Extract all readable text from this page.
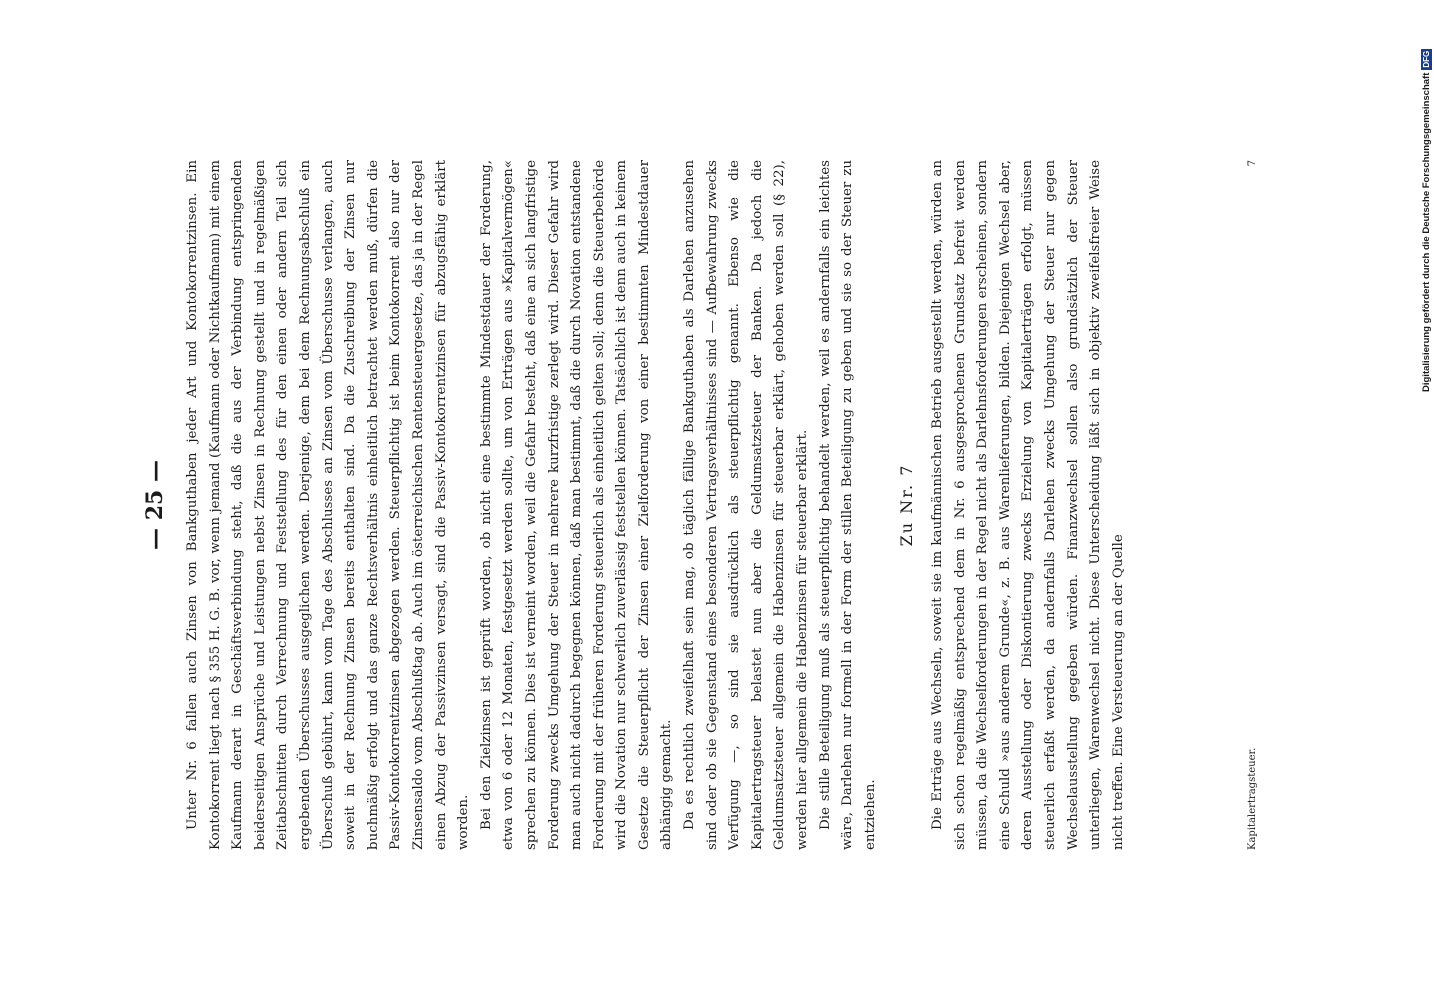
— 25 —	Unter Nr. 6 fallen auch Zinsen von Bankguthaben jeder Art und Kontokorrentzinsen. Ein Kontokorrent liegt nach § 355 H. G. B. vor, wenn jemand (Kaufmann oder Nichtkaufmann) mit einem Kaufmann derart in Geschäftsverbindung steht, daß die aus der Verbindung entspringenden beiderseitigen Ansprüche und Leistungen nebst Zinsen in Rechnung gestellt und in regelmäßigen Zeitabschnitten durch Verrechnung und Feststellung des für den einen oder andern Teil sich ergebenden Überschusses ausgeglichen werden. Derjenige, dem bei dem Rechnungsabschluß ein Überschuß gebührt, kann vom Tage des Abschlusses an Zinsen vom Überschusse verlangen, auch soweit in der Rechnung Zinsen bereits enthalten sind. Da die Zuschreibung der Zinsen nur buchmäßig erfolgt und das ganze Rechtsverhältnis einheitlich betrachtet werden muß, dürfen die Passiv-Kontokorrentzinsen abgezogen werden. Steuerpflichtig ist beim Kontokorrent also nur der Zinsensaldo vom Abschlußtag ab. Auch im österreichischen Rentensteuergesetze, das ja in der Regel einen Abzug der Passivzinsen versagt, sind die Passiv-Kontokorrentzinsen für abzugsfähig erklärt worden. Bei den Zielzinsen ist geprüft worden, ob nicht eine bestimmte Mindestdauer der Forderung, etwa von 6 oder 12 Monaten, festgesetzt werden sollte, um von Erträgen aus »Kapitalvermögen« sprechen zu können. Dies ist verneint worden, weil die Gefahr besteht, daß eine an sich langfristige Forderung zwecks Umgehung der Steuer in mehrere kurzfristige zerlegt wird. Dieser Gefahr wird man auch nicht dadurch begegnen können, daß man bestimmt, daß die durch Novation entstandene Forderung mit der früheren Forderung steuerlich als einheitlich gelten soll; denn die Steuerbehörde wird die Novation nur schwerlich zuverlässig feststellen können. Tatsächlich ist denn auch in keinem Gesetze die Steuerpflicht der Zinsen einer Zielforderung von einer bestimmten Mindestdauer abhängig gemacht. Da es rechtlich zweifelhaft sein mag, ob täglich fällige Bankguthaben als Darlehen anzusehen sind oder ob sie Gegenstand eines besonderen Vertragsverhältnisses sind — Aufbewahrung zwecks Verfügung —, so sind sie ausdrücklich als steuerpflichtig genannt. Ebenso wie die Kapitalertragsteuer belastet nun aber die Geldumsatzsteuer der Banken. Da jedoch die Geldumsatzsteuer allgemein die Habenzinsen für steuerbar erklärt, gehoben werden soll (§ 22), werden hier allgemein die Habenzinsen für steuerbar erklärt. Die stille Beteiligung muß als steuerpflichtig behandelt werden, weil es andernfalls ein leichtes wäre, Darlehen nur formell in der Form der stillen Beteiligung zu geben und sie so der Steuer zu entziehen.

Zu Nr. 7 Die Erträge aus Wechseln, soweit sie im kaufmännischen Betrieb ausgestellt werden, würden an sich schon regelmäßig entsprechend dem in Nr. 6 ausgesprochenen Grundsatz befreit werden müssen, da die Wechselforderungen in der Regel nicht als Darlehnsforderungen erscheinen, sondern eine Schuld »aus anderem Grunde«, z. B. aus Warenlieferungen, bilden. Diejenigen Wechsel aber, deren Ausstellung oder Diskontierung zwecks Erzielung von Kapitalerträgen erfolgt, müssen steuerlich erfaßt werden, da andernfalls Darlehen zwecks Umgehung der Steuer nur gegen Wechselausstellung gegeben würden. Finanzwechsel sollen also grundsätzlich der Steuer unterliegen, Warenwechsel nicht. Diese Unterscheidung läßt sich in objektiv zweifelsfreier Weise nicht treffen. Eine Versteuerung an der Quelle	Kapitalertragsteuer.
7	Digitalisierung gefördert durch die Deutsche Forschungsgemeinschaft
DFG
